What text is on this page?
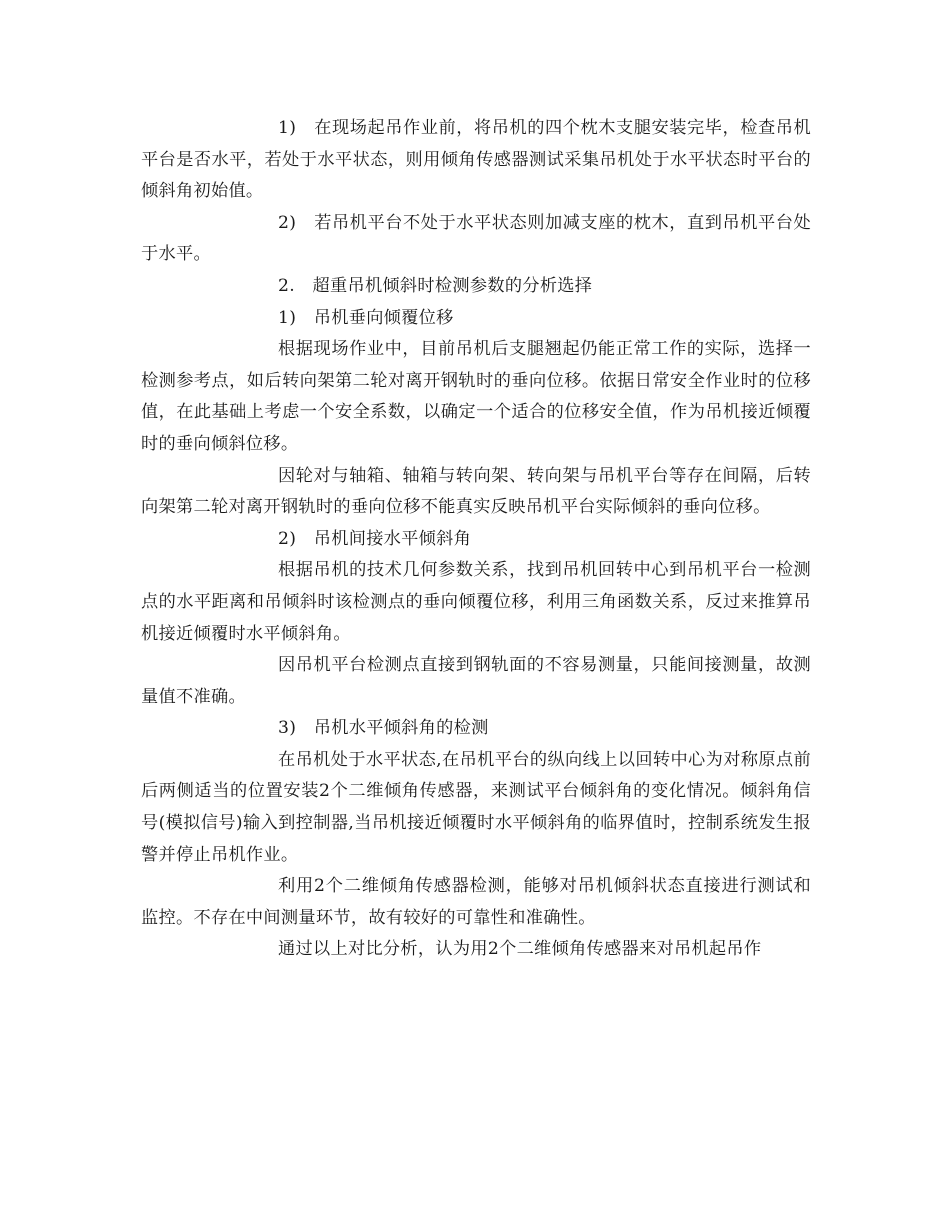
1)　在现场起吊作业前，将吊机的四个枕木支腿安装完毕，检查吊机平台是否水平，若处于水平状态，则用倾角传感器测试采集吊机处于水平状态时平台的倾斜角初始值。

2)　若吊机平台不处于水平状态则加减支座的枕木，直到吊机平台处于水平。

2.　超重吊机倾斜时检测参数的分析选择

1)　吊机垂向倾覆位移

根据现场作业中，目前吊机后支腿翘起仍能正常工作的实际，选择一检测参考点，如后转向架第二轮对离开钢轨时的垂向位移。依据日常安全作业时的位移值，在此基础上考虑一个安全系数，以确定一个适合的位移安全值，作为吊机接近倾覆时的垂向倾斜位移。

因轮对与轴箱、轴箱与转向架、转向架与吊机平台等存在间隔，后转向架第二轮对离开钢轨时的垂向位移不能真实反映吊机平台实际倾斜的垂向位移。

2)　吊机间接水平倾斜角

根据吊机的技术几何参数关系，找到吊机回转中心到吊机平台一检测点的水平距离和吊倾斜时该检测点的垂向倾覆位移，利用三角函数关系，反过来推算吊机接近倾覆时水平倾斜角。

因吊机平台检测点直接到钢轨面的不容易测量，只能间接测量，故测量值不准确。

3)　吊机水平倾斜角的检测

在吊机处于水平状态,在吊机平台的纵向线上以回转中心为对称原点前后两侧适当的位置安装2个二维倾角传感器，来测试平台倾斜角的变化情况。倾斜角信号(模拟信号)输入到控制器,当吊机接近倾覆时水平倾斜角的临界值时，控制系统发生报警并停止吊机作业。

利用2个二维倾角传感器检测，能够对吊机倾斜状态直接进行测试和监控。不存在中间测量环节，故有较好的可靠性和准确性。

通过以上对比分析，认为用2个二维倾角传感器来对吊机起吊作
